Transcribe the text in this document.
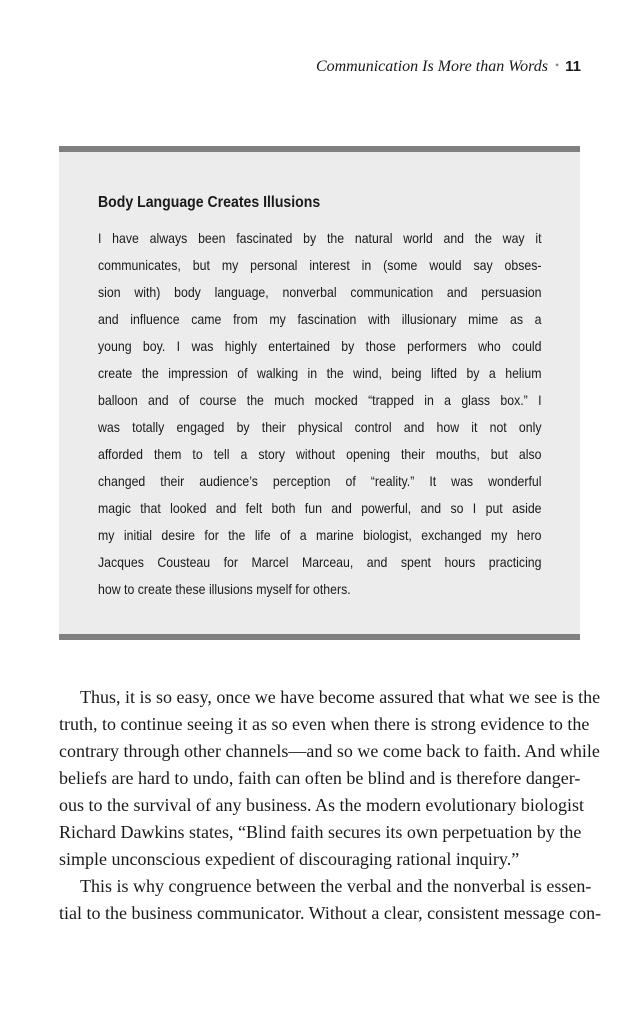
Communication Is More than Words • 11
Body Language Creates Illusions
I have always been fascinated by the natural world and the way it
communicates, but my personal interest in (some would say obses-
sion with) body language, nonverbal communication and persuasion
and influence came from my fascination with illusionary mime as a
young boy. I was highly entertained by those performers who could
create the impression of walking in the wind, being lifted by a helium
balloon and of course the much mocked “trapped in a glass box.” I
was totally engaged by their physical control and how it not only
afforded them to tell a story without opening their mouths, but also
changed their audience’s perception of “reality.” It was wonderful
magic that looked and felt both fun and powerful, and so I put aside
my initial desire for the life of a marine biologist, exchanged my hero
Jacques Cousteau for Marcel Marceau, and spent hours practicing
how to create these illusions myself for others.
Thus, it is so easy, once we have become assured that what we see is the
truth, to continue seeing it as so even when there is strong evidence to the
contrary through other channels—and so we come back to faith. And while
beliefs are hard to undo, faith can often be blind and is therefore danger-
ous to the survival of any business. As the modern evolutionary biologist
Richard Dawkins states, “Blind faith secures its own perpetuation by the
simple unconscious expedient of discouraging rational inquiry.”
This is why congruence between the verbal and the nonverbal is essen-
tial to the business communicator. Without a clear, consistent message con-
